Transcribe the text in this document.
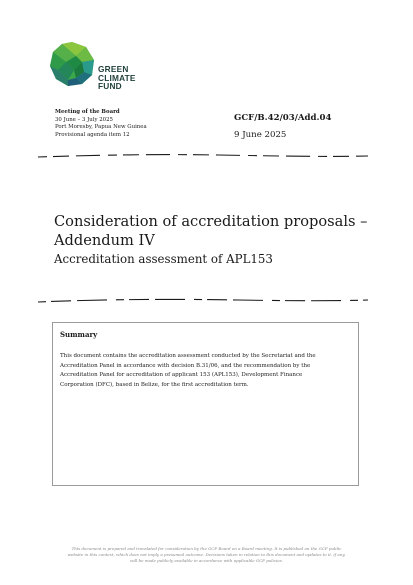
GREEN
CLIMATE
FUND
Meeting of the Board
30 June – 3 July 2025
Port Moresby, Papua New Guinea
Provisional agenda item 12
GCF/B.42/03/Add.04
9 June 2025
Consideration of accreditation proposals –
Addendum IV
Accreditation assessment of APL153

Summary

This document contains the accreditation assessment conducted by the Secretariat and the
Accreditation Panel in accordance with decision B.31/06, and the recommendation by the
Accreditation Panel for accreditation of applicant 153 (APL153), Development Finance
Corporation (DFC), based in Belize, for the first accreditation term.

This document is prepared and translated for consideration by the GCF Board on a Board meeting. It is published on the GCF public
website in this context, which does not imply a presumed outcome. Decisions taken in relation to this document and updates to it, if any,
will be made publicly available in accordance with applicable GCF policies.
